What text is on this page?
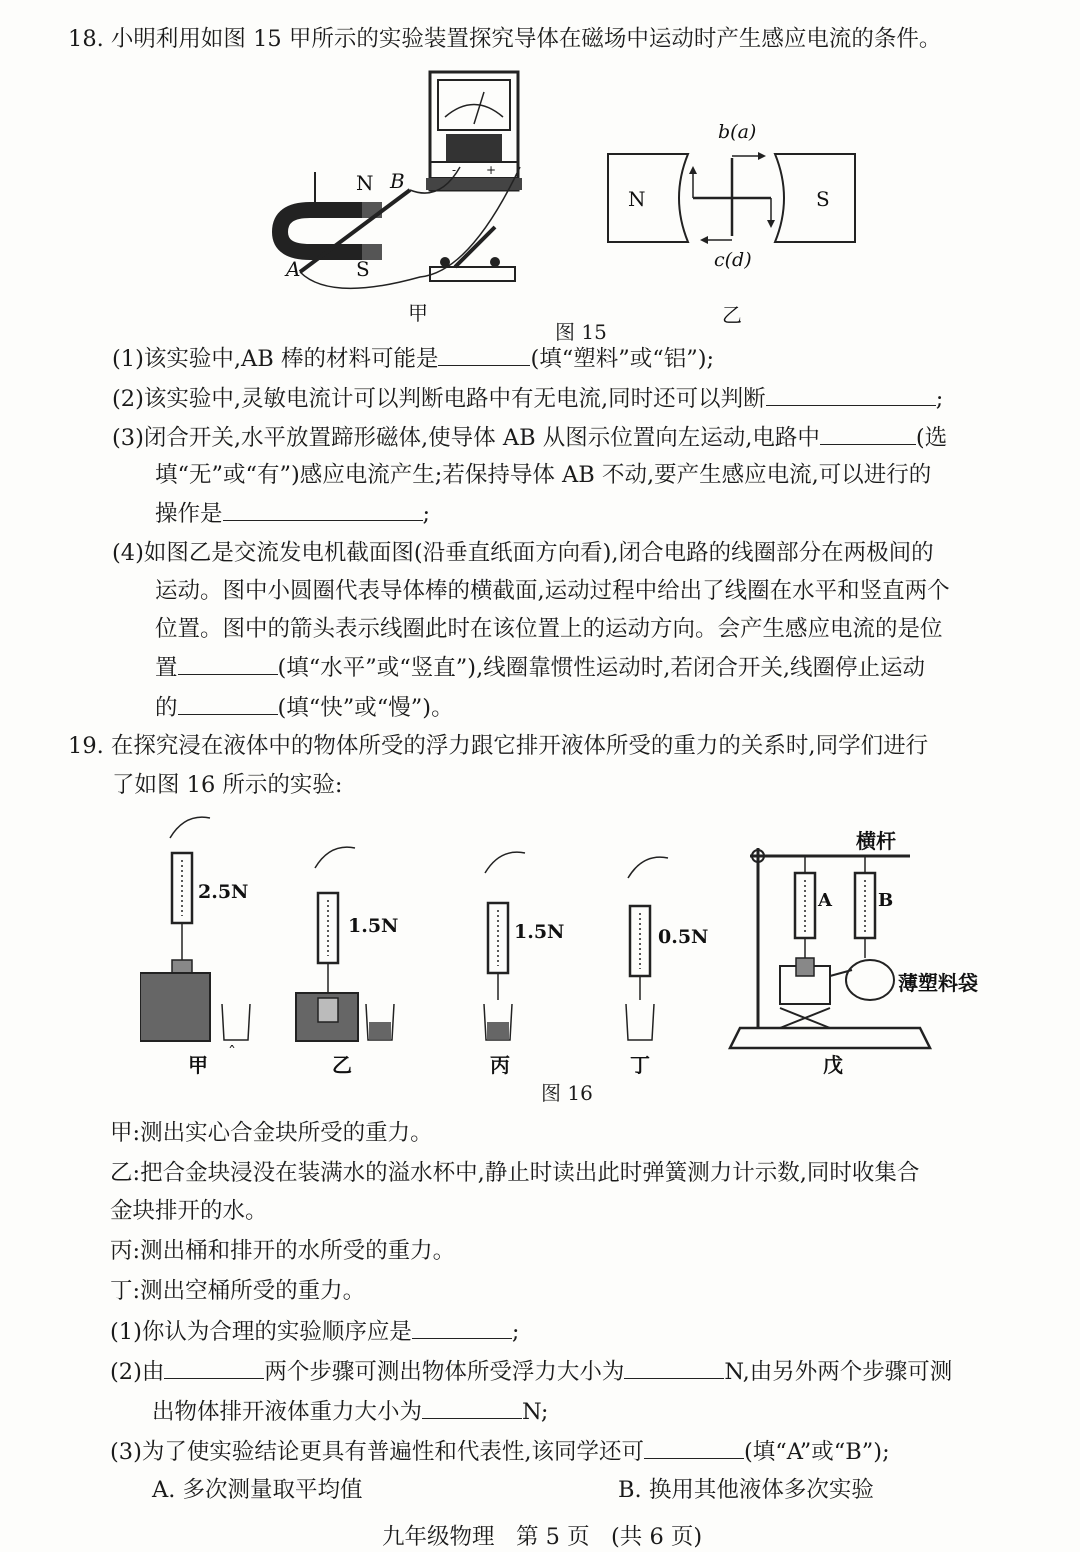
18. 小明利用如图 15 甲所示的实验装置探究导体在磁场中运动时产生感应电流的条件。
- +
N B
A	S
甲
N	S
b(a)
c(d)
乙
图 15
(1)该实验中,AB 棒的材料可能是	(填“塑料”或“铝”);
(2)该实验中,灵敏电流计可以判断电路中有无电流,同时还可以判断	;
(3)闭合开关,水平放置蹄形磁体,使导体 AB 从图示位置向左运动,电路中	(选
填“无”或“有”)感应电流产生;若保持导体 AB 不动,要产生感应电流,可以进行的
操作是	;
(4)如图乙是交流发电机截面图(沿垂直纸面方向看),闭合电路的线圈部分在两极间的
运动。图中小圆圈代表导体棒的横截面,运动过程中给出了线圈在水平和竖直两个
位置。图中的箭头表示线圈此时在该位置上的运动方向。会产生感应电流的是位
置	(填“水平”或“竖直”),线圈靠惯性运动时,若闭合开关,线圈停止运动
的	(填“快”或“慢”)。
19. 在探究浸在液体中的物体所受的浮力跟它排开液体所受的重力的关系时,同学们进行
了如图 16 所示的实验:
2.5N
甲
ˆ
1.5N
乙
1.5N
丙
0.5N
丁
横杆
A	B
薄塑料袋
戊
图 16
甲:测出实心合金块所受的重力。
乙:把合金块浸没在装满水的溢水杯中,静止时读出此时弹簧测力计示数,同时收集合
金块排开的水。
丙:测出桶和排开的水所受的重力。
丁:测出空桶所受的重力。
(1)你认为合理的实验顺序应是	;
(2)由	两个步骤可测出物体所受浮力大小为	N,由另外两个步骤可测
出物体排开液体重力大小为	N;
(3)为了使实验结论更具有普遍性和代表性,该同学还可	(填“A”或“B”);
A. 多次测量取平均值	B. 换用其他液体多次实验
九年级物理   第 5 页   (共 6 页)
